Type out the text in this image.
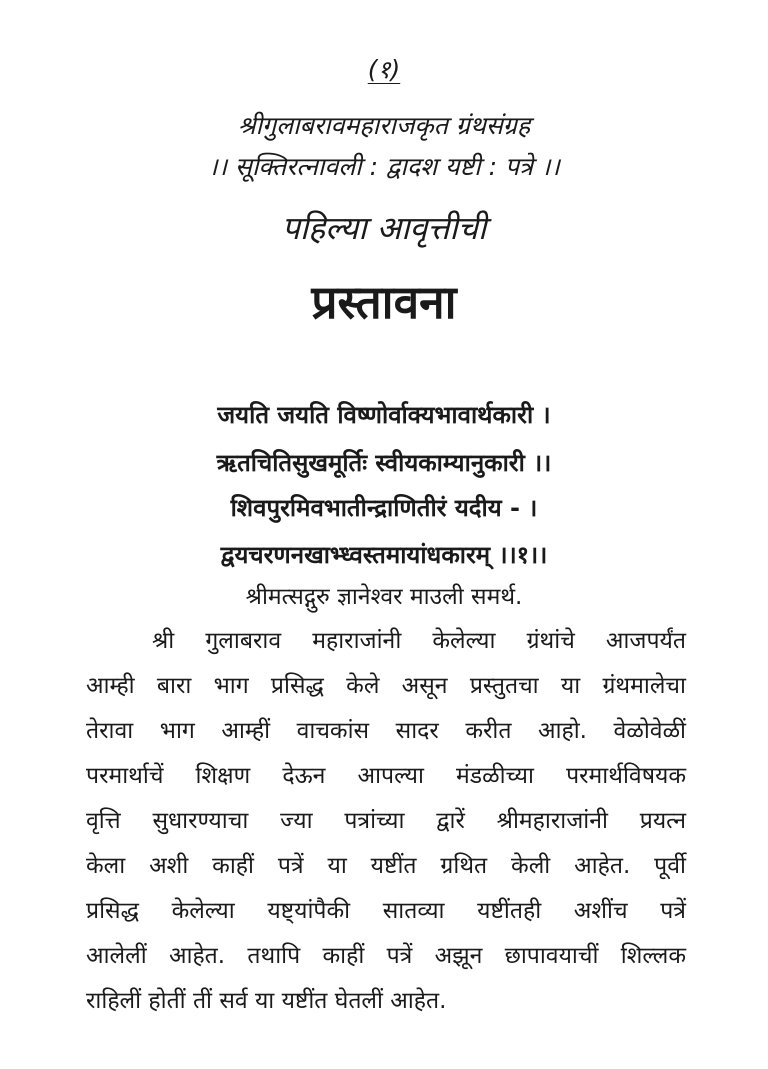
(१)
श्रीगुलाबरावमहाराजकृत ग्रंथसंग्रह
।। सूक्तिरत्नावली : द्वादश यष्टी : पत्रे ।।
पहिल्या आवृत्तीची
प्रस्तावना
जयति जयति विष्णोर्वाक्यभावार्थकारी ।
ऋतचितिसुखमूर्तिः स्वीयकाम्यानुकारी ।।
शिवपुरमिवभातीन्द्राणितीरं यदीय - ।
द्वयचरणनखाभ्ध्वस्तमायांधकारम् ।।१।।
श्रीमत्सद्गुरु ज्ञानेश्वर माउली समर्थ.
श्री गुलाबराव महाराजांनी केलेल्या ग्रंथांचे आजपर्यंत
आम्ही बारा भाग प्रसिद्ध केले असून प्रस्तुतचा या ग्रंथमालेचा
तेरावा भाग आम्हीं वाचकांस सादर करीत आहो. वेळोवेळीं
परमार्थाचें शिक्षण देऊन आपल्या मंडळीच्या परमार्थविषयक
वृत्ति सुधारण्याचा ज्या पत्रांच्या द्वारें श्रीमहाराजांनी प्रयत्न
केला अशी काहीं पत्रें या यष्टींत ग्रथित केली आहेत. पूर्वी
प्रसिद्ध केलेल्या यष्ट्यांपैकी सातव्या यष्टींतही अशींच पत्रें
आलेलीं आहेत. तथापि काहीं पत्रें अझून छापावयाचीं शिल्लक
राहिलीं होतीं तीं सर्व या यष्टींत घेतलीं आहेत.
